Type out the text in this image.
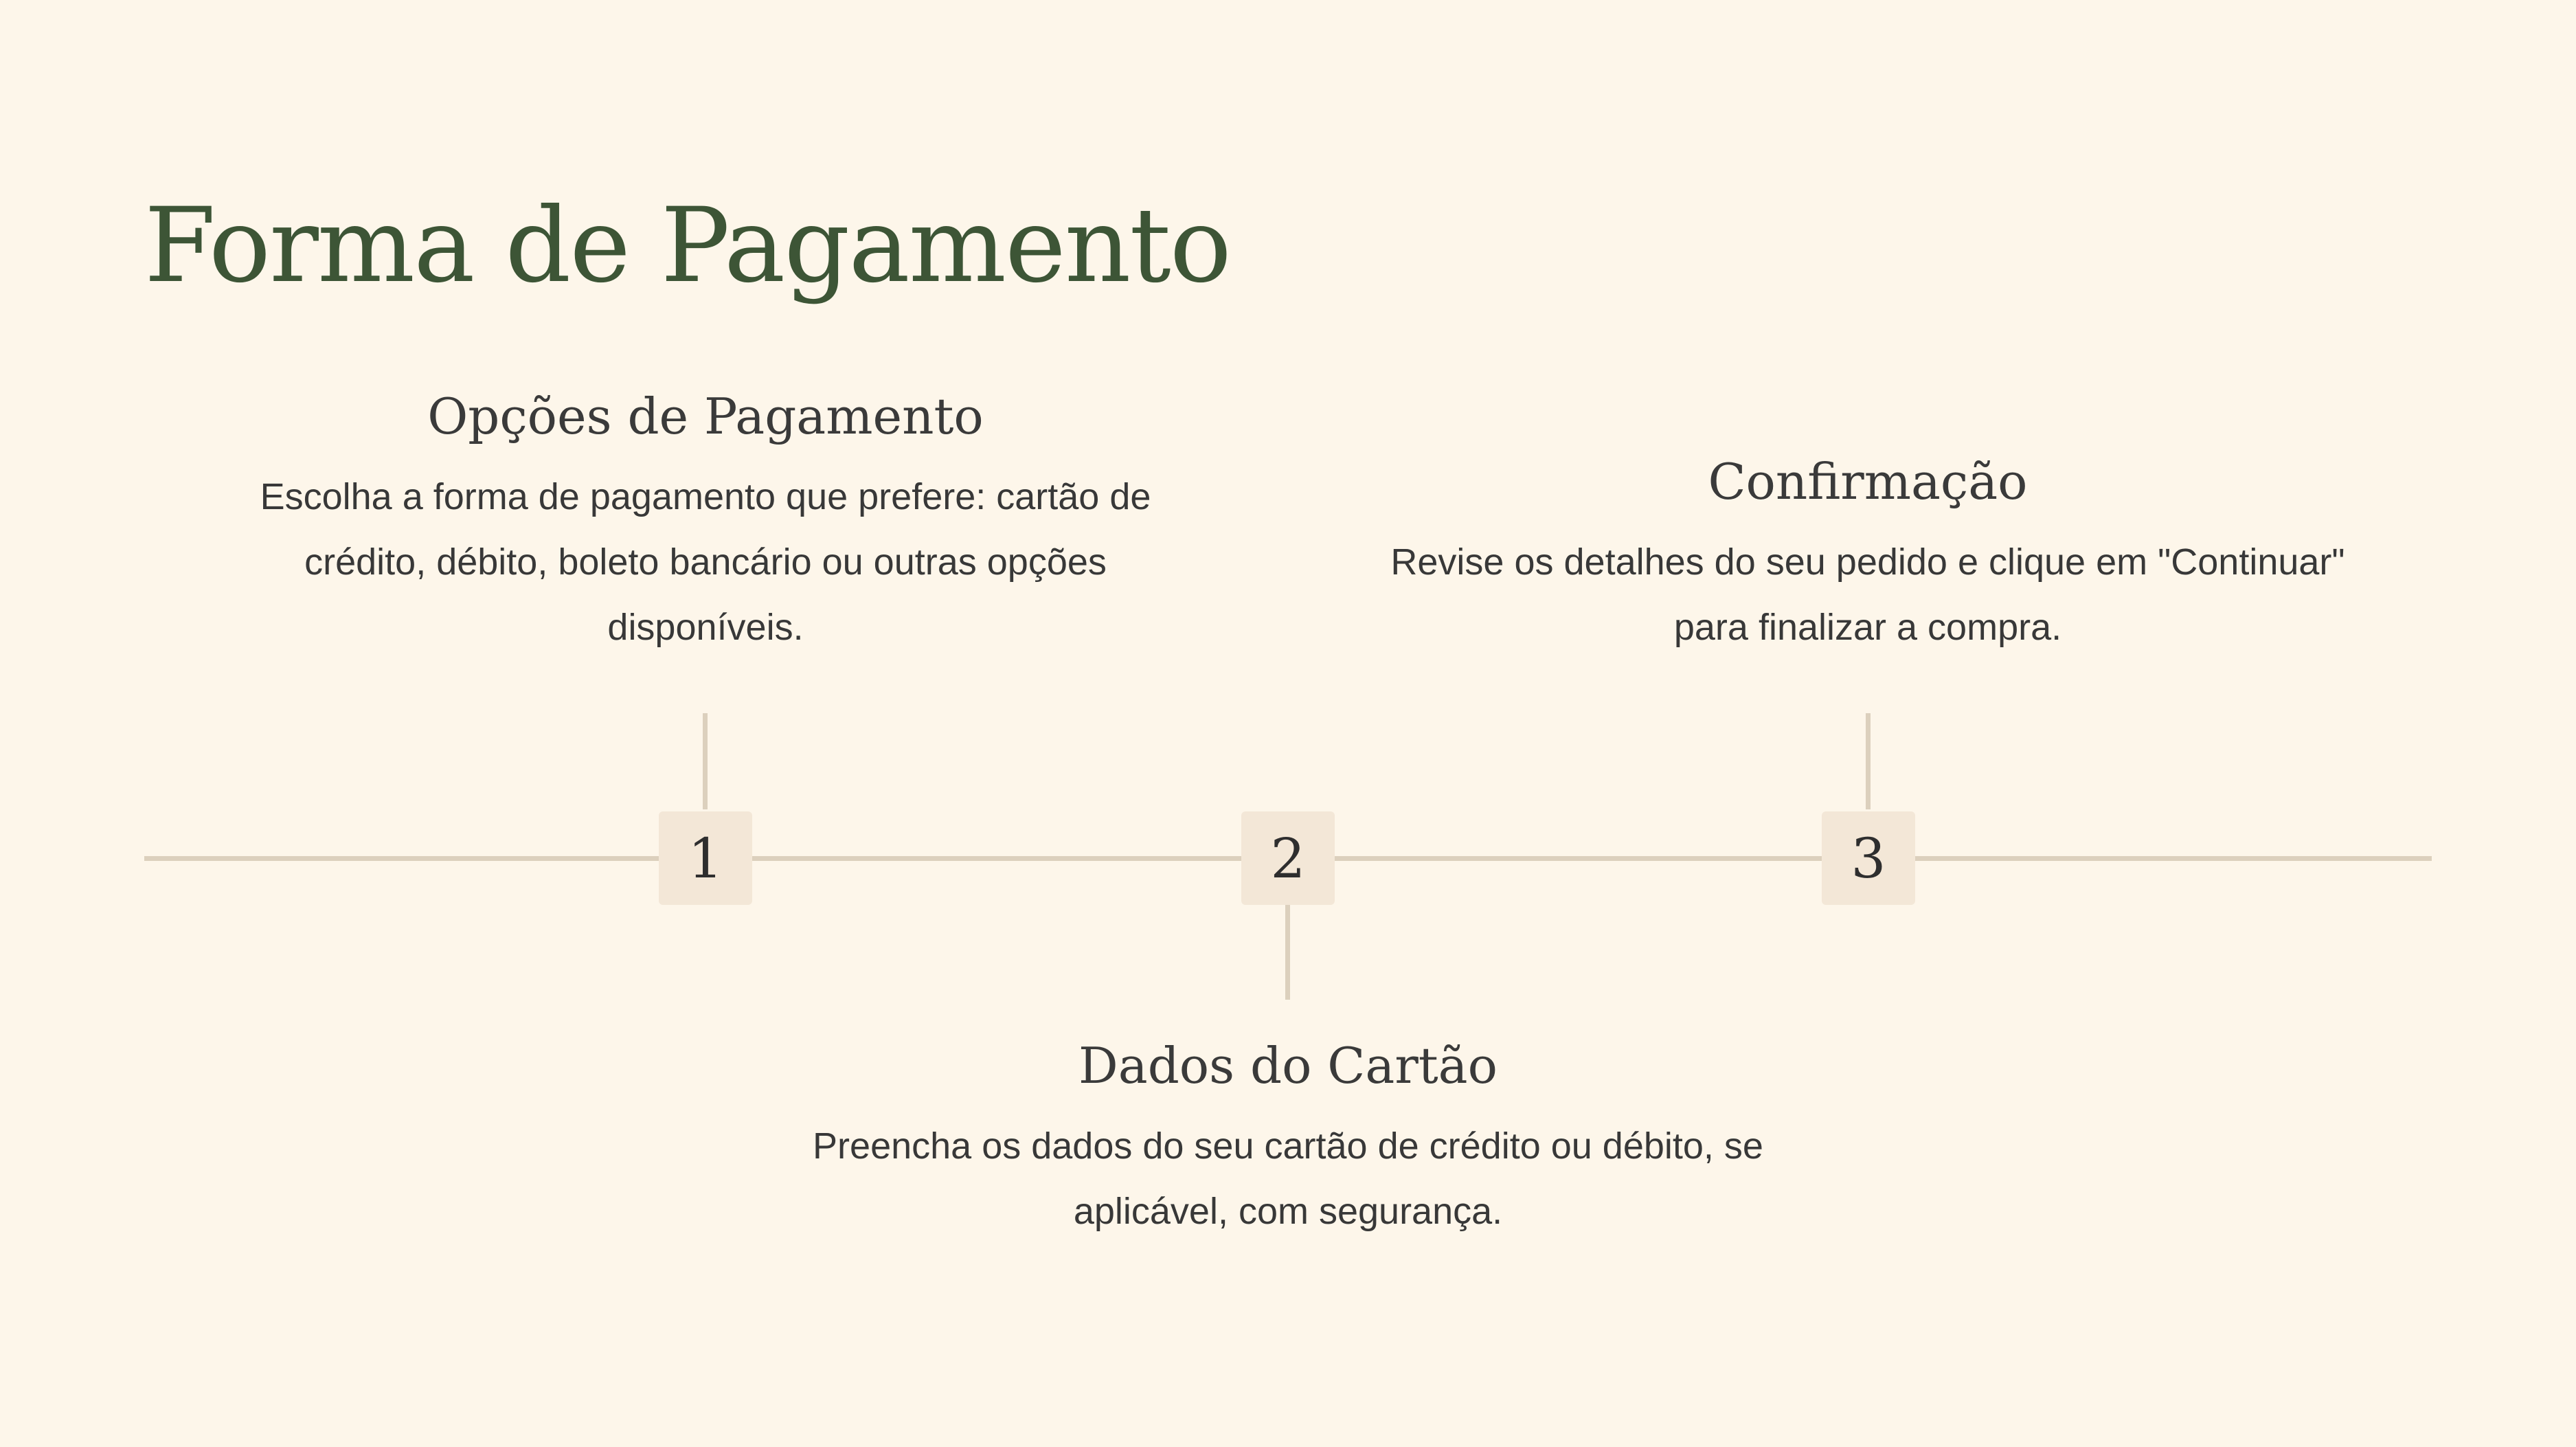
Forma de Pagamento
Opções de Pagamento

Escolha a forma de pagamento que prefere: cartão de crédito, débito, boleto bancário ou outras opções disponíveis.

1	2
Dados do Cartão

Preencha os dados do seu cartão de crédito ou débito, se aplicável, com segurança.

Confirmação

Revise os detalhes do seu pedido e clique em "Continuar" para finalizar a compra.

3
